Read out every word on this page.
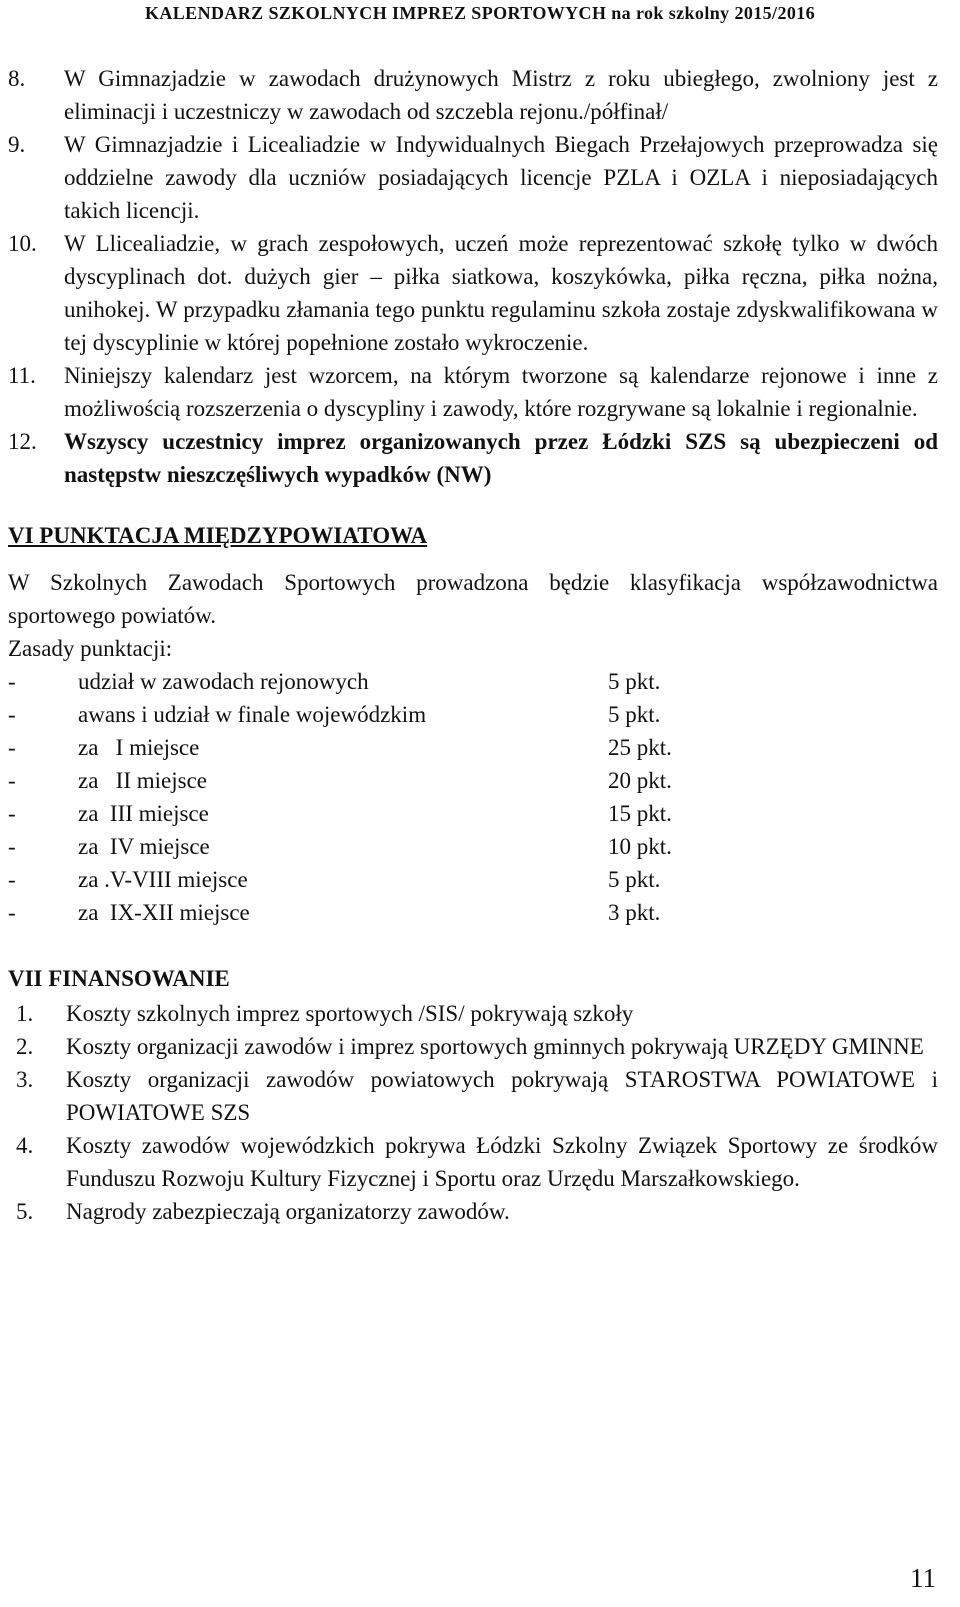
KALENDARZ SZKOLNYCH IMPREZ SPORTOWYCH na rok szkolny 2015/2016
8. W Gimnazjadzie w zawodach drużynowych Mistrz z roku ubiegłego, zwolniony jest z eliminacji i uczestniczy w zawodach od szczebla rejonu./półfinał/
9. W Gimnazjadzie i Licealiadzie w Indywidualnych Biegach Przełajowych przeprowadza się oddzielne zawody dla uczniów posiadających licencje PZLA i OZLA i nieposiadających takich licencji.
10. W Llicealiadzie, w grach zespołowych, uczeń może reprezentować szkołę tylko w dwóch dyscyplinach dot. dużych gier – piłka siatkowa, koszykówka, piłka ręczna, piłka nożna, unihokej. W przypadku złamania tego punktu regulaminu szkoła zostaje zdyskwalifikowana w tej dyscyplinie w której popełnione zostało wykroczenie.
11. Niniejszy kalendarz jest wzorcem, na którym tworzone są kalendarze rejonowe i inne z możliwością rozszerzenia o dyscypliny i zawody, które rozgrywane są lokalnie i regionalnie.
12. Wszyscy uczestnicy imprez organizowanych przez Łódzki SZS są ubezpieczeni od następstw nieszczęśliwych wypadków (NW)
VI PUNKTACJA MIĘDZYPOWIATOWA
W Szkolnych Zawodach Sportowych prowadzona będzie klasyfikacja współzawodnictwa sportowego powiatów.
Zasady punktacji:
-	udział w zawodach rejonowych	5 pkt.
-	awans i udział w finale wojewódzkim	5 pkt.
-	za   I miejsce	25 pkt.
-	za   II miejsce	20 pkt.
-	za  III miejsce	15 pkt.
-	za  IV miejsce	10 pkt.
-	za .V-VIII miejsce	5 pkt.
-	za  IX-XII miejsce	3 pkt.
VII FINANSOWANIE
1. Koszty szkolnych imprez sportowych /SIS/ pokrywają szkoły
2. Koszty organizacji zawodów i imprez sportowych gminnych pokrywają URZĘDY GMINNE
3. Koszty organizacji zawodów powiatowych pokrywają STAROSTWA POWIATOWE i POWIATOWE SZS
4. Koszty zawodów wojewódzkich pokrywa Łódzki Szkolny Związek Sportowy ze środków Funduszu Rozwoju Kultury Fizycznej i Sportu oraz Urzędu Marszałkowskiego.
5. Nagrody zabezpieczają organizatorzy zawodów.
11
